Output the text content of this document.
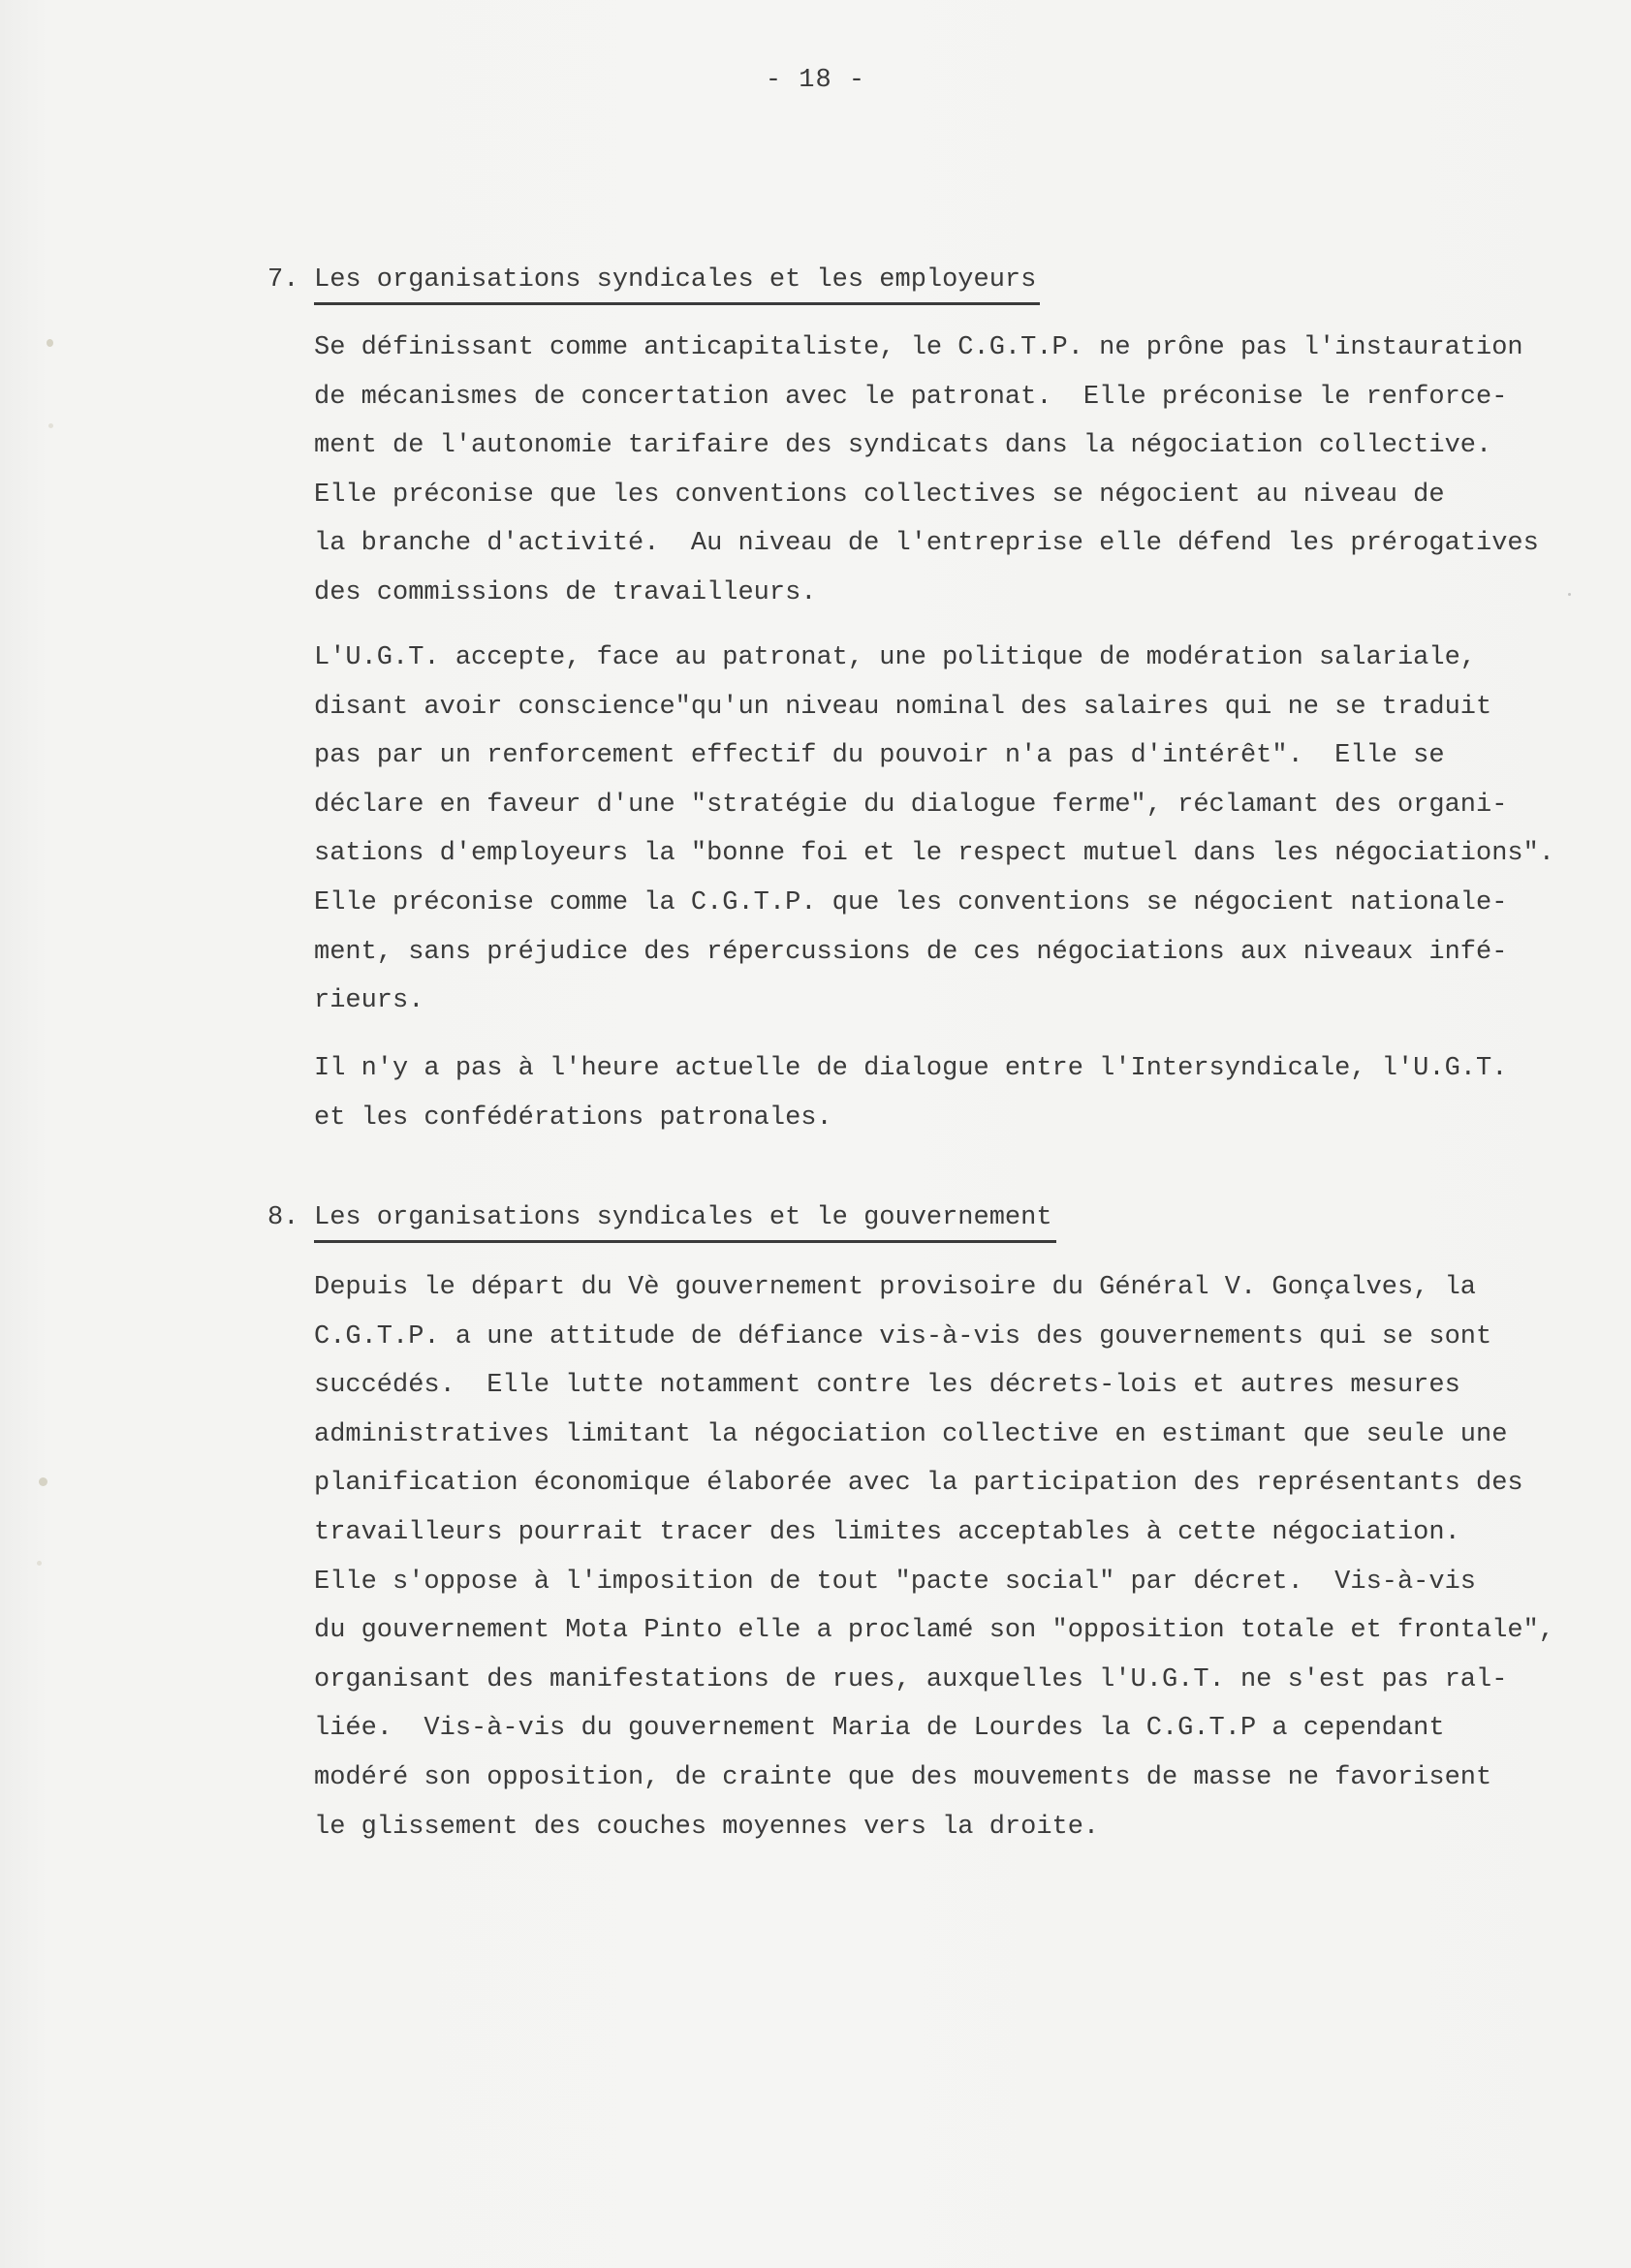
- 18 -
7. Les organisations syndicales et les employeurs
Se définissant comme anticapitaliste, le C.G.T.P. ne prône pas l'instauration
de mécanismes de concertation avec le patronat.  Elle préconise le renforce-
ment de l'autonomie tarifaire des syndicats dans la négociation collective.
Elle préconise que les conventions collectives se négocient au niveau de
la branche d'activité.  Au niveau de l'entreprise elle défend les prérogatives
des commissions de travailleurs.
L'U.G.T. accepte, face au patronat, une politique de modération salariale,
disant avoir conscience"qu'un niveau nominal des salaires qui ne se traduit
pas par un renforcement effectif du pouvoir n'a pas d'intérêt".  Elle se
déclare en faveur d'une "stratégie du dialogue ferme", réclamant des organi-
sations d'employeurs la "bonne foi et le respect mutuel dans les négociations".
Elle préconise comme la C.G.T.P. que les conventions se négocient nationale-
ment, sans préjudice des répercussions de ces négociations aux niveaux infé-
rieurs.
Il n'y a pas à l'heure actuelle de dialogue entre l'Intersyndicale, l'U.G.T.
et les confédérations patronales.
8. Les organisations syndicales et le gouvernement
Depuis le départ du Vè gouvernement provisoire du Général V. Gonçalves, la
C.G.T.P. a une attitude de défiance vis-à-vis des gouvernements qui se sont
succédés.  Elle lutte notamment contre les décrets-lois et autres mesures
administratives limitant la négociation collective en estimant que seule une
planification économique élaborée avec la participation des représentants des
travailleurs pourrait tracer des limites acceptables à cette négociation.
Elle s'oppose à l'imposition de tout "pacte social" par décret.  Vis-à-vis
du gouvernement Mota Pinto elle a proclamé son "opposition totale et frontale",
organisant des manifestations de rues, auxquelles l'U.G.T. ne s'est pas ral-
liée.  Vis-à-vis du gouvernement Maria de Lourdes la C.G.T.P a cependant
modéré son opposition, de crainte que des mouvements de masse ne favorisent
le glissement des couches moyennes vers la droite.
